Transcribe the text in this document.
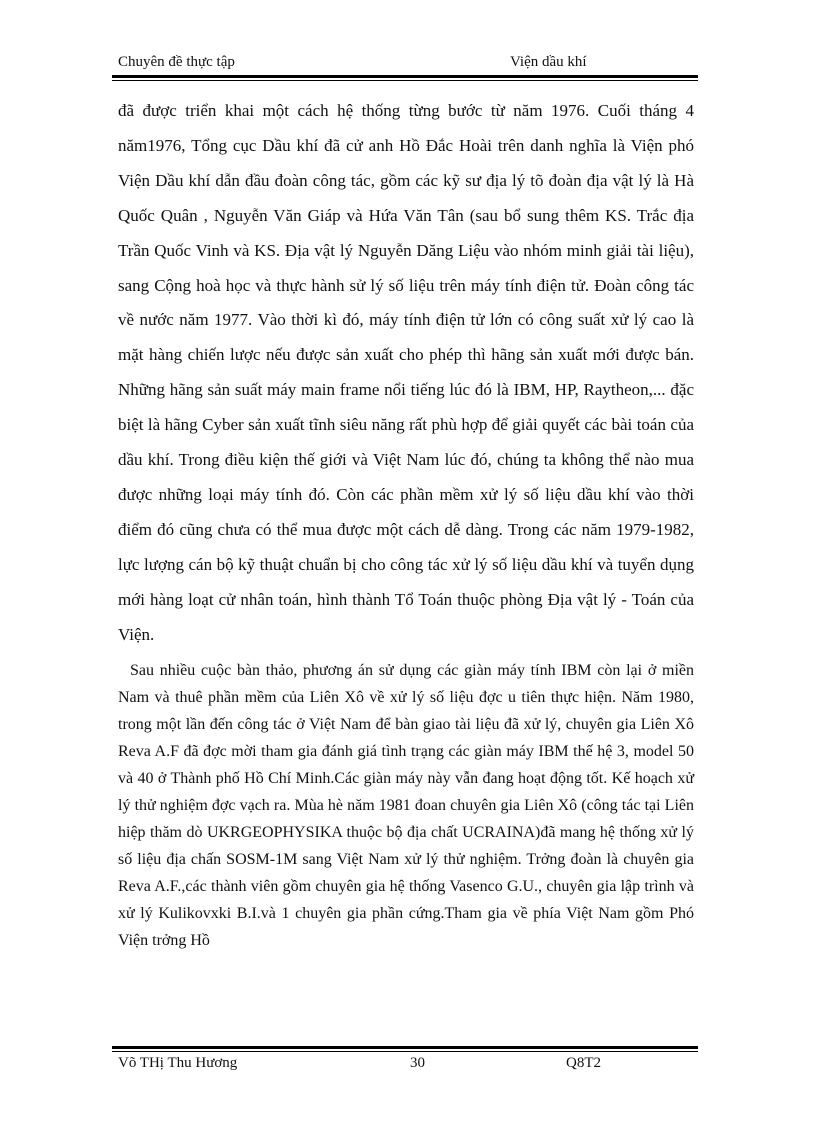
Chuyên đề thực tập	Viện dầu khí

đã được triển khai một cách hệ thống từng bước từ năm 1976. Cuối tháng 4 năm1976, Tổng cục Dầu khí đã cử anh Hồ Đắc Hoài trên danh nghĩa là Viện phó Viện Dầu khí dẫn đầu đoàn công tác, gồm các kỹ sư địa lý tõ đoàn địa vật lý là Hà Quốc Quân , Nguyễn Văn Giáp và Hứa Văn Tân (sau bổ sung thêm KS. Trắc địa Trần Quốc Vinh và KS. Địa vật lý Nguyễn Dăng Liệu vào nhóm minh giải tài liệu), sang Cộng hoà học và thực hành sử lý số liệu trên máy tính điện tử. Đoàn công tác về nước năm 1977. Vào thời kì đó, máy tính điện tử lớn có công suất xử lý cao là mặt hàng chiến lược nếu được sản xuất cho phép thì hãng sản xuất mới được bán. Những hãng sản suất máy main frame nổi tiếng lúc đó là IBM, HP, Raytheon,... đặc biệt là hãng Cyber sản xuất tĩnh siêu năng rất phù hợp để giải quyết các bài toán của dầu khí. Trong điều kiện thế giới và Việt Nam lúc đó, chúng ta không thể nào mua được những loại máy tính đó. Còn các phần mềm xử lý số liệu dầu khí vào thời điểm đó cũng chưa có thể mua được một cách dễ dàng. Trong các năm 1979-1982, lực lượng cán bộ kỹ thuật chuẩn bị cho công tác xử lý số liệu dầu khí và tuyển dụng mới hàng loạt cử nhân toán, hình thành Tổ Toán thuộc phòng Địa vật lý - Toán của Viện.

Sau nhiều cuộc bàn thảo, phương án sử dụng các giàn máy tính IBM còn lại ở miền Nam và thuê phần mềm của Liên Xô về xử lý số liệu đợc u tiên thực hiện. Năm 1980, trong một lần đến công tác ở Việt Nam để bàn giao tài liệu đã xử lý, chuyên gia Liên Xô Reva A.F đã đợc mời tham gia đánh giá tình trạng các giàn máy IBM thế hệ 3, model 50 và 40 ở Thành phố Hồ Chí Minh.Các giàn máy này vẫn đang hoạt động tốt. Kế hoạch xử lý thử nghiệm đợc vạch ra. Mùa hè năm 1981 đoan chuyên gia Liên Xô (công tác tại Liên hiệp thăm dò UKRGEOPHYSIKA thuộc bộ địa chất UCRAINA)đã mang hệ thống xử lý số liệu địa chấn SOSM-1M sang Việt Nam xử lý thử nghiệm. Trởng đoàn là chuyên gia Reva A.F.,các thành viên gồm chuyên gia hệ thống Vasenco G.U., chuyên gia lập trình và xử lý Kulikovxki B.I.và 1 chuyên gia phần cứng.Tham gia về phía Việt Nam gồm Phó Viện trởng Hồ

Võ THị Thu Hương	30	Q8T2
